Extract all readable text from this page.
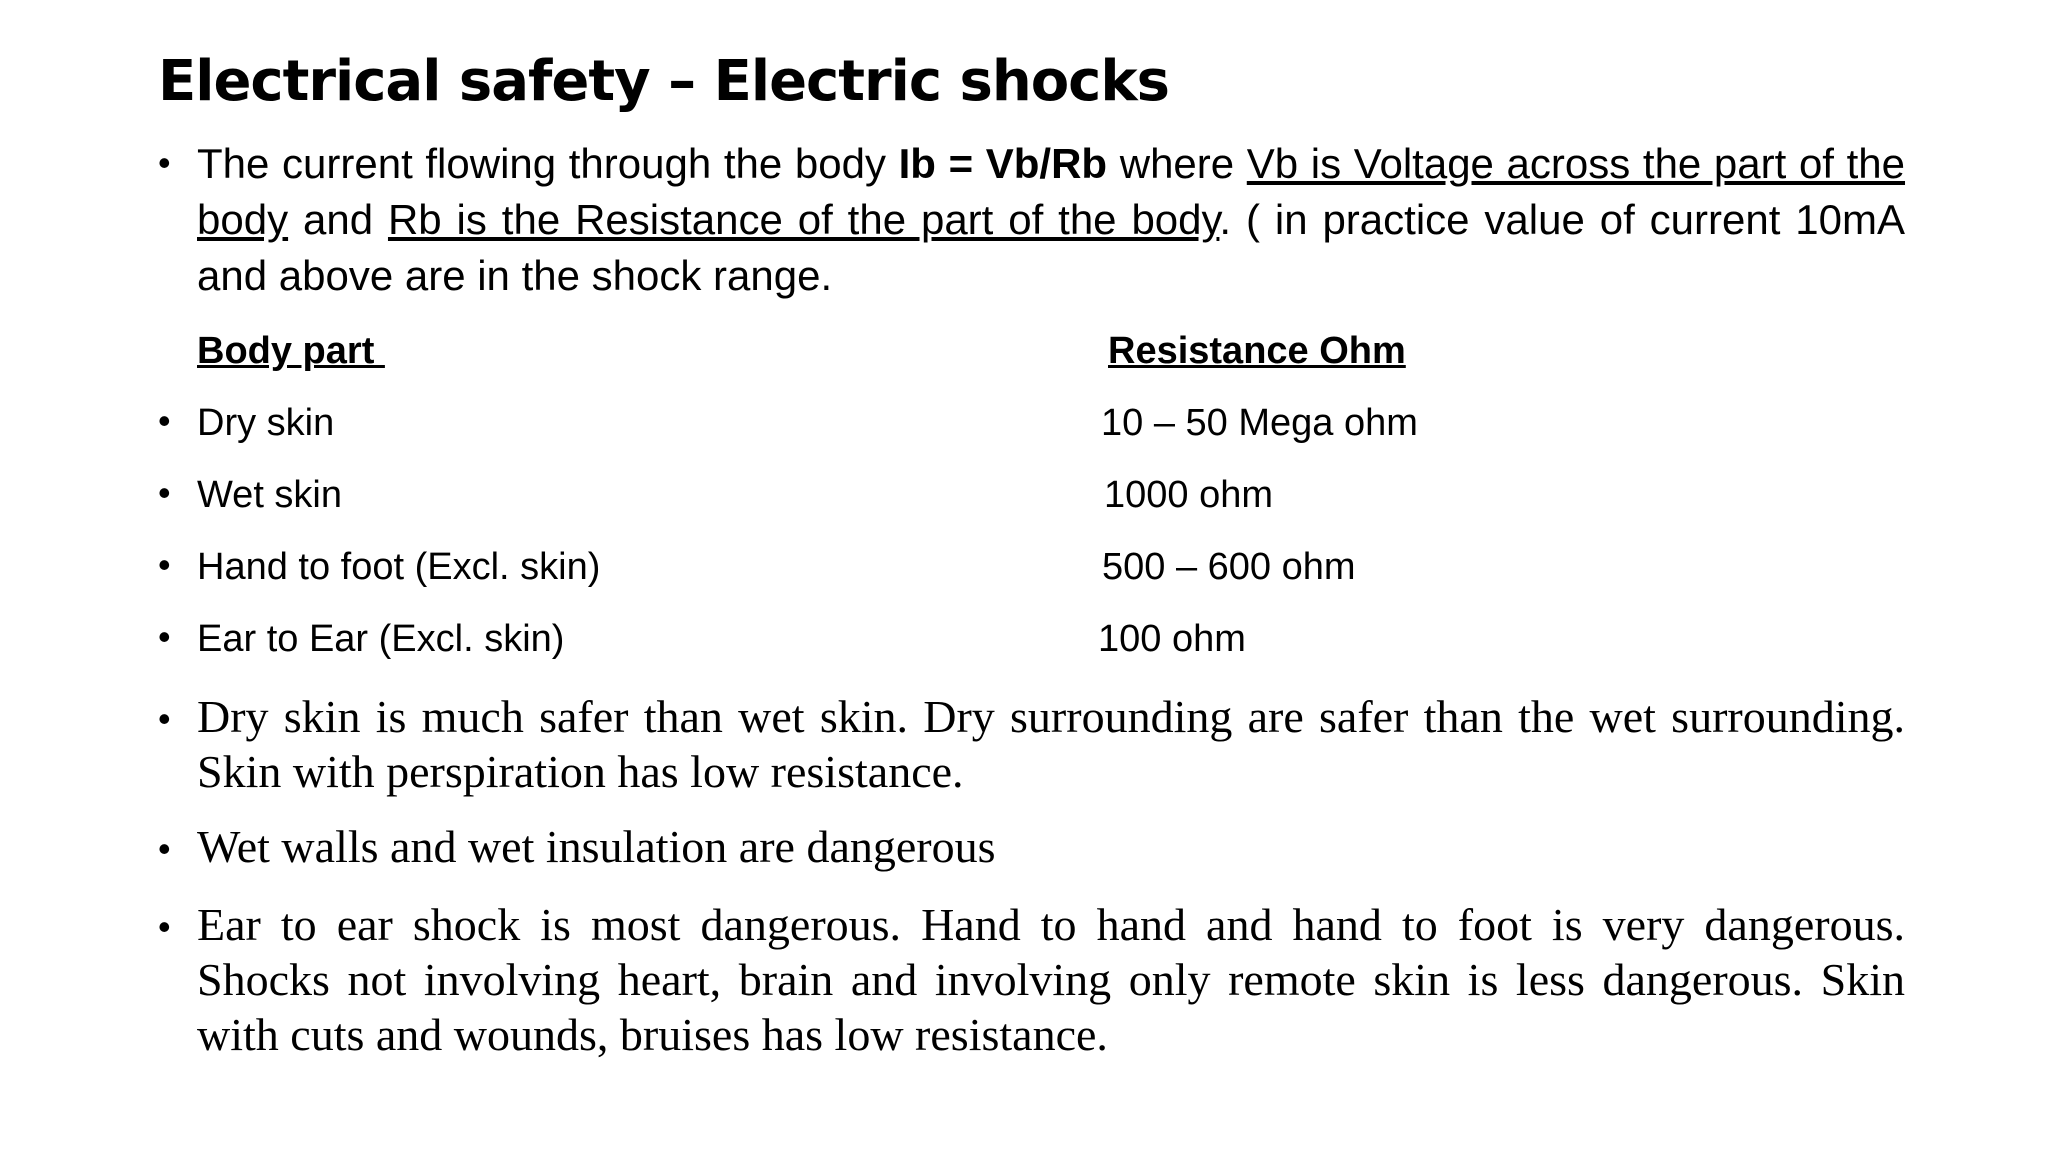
Electrical safety – Electric shocks
• The current flowing through the body Ib = Vb/Rb where Vb is Voltage across the part of the body and Rb is the Resistance of the part of the body. ( in practice value of current 10mA and above are in the shock range.
Body part	Resistance Ohm
• Dry skin	10 – 50 Mega ohm
• Wet skin	1000 ohm
• Hand to foot (Excl. skin)	500 – 600 ohm
• Ear to Ear (Excl. skin)	100 ohm
• Dry skin is much safer than wet skin. Dry surrounding are safer than the wet surrounding. Skin with perspiration has low resistance.
• Wet walls and wet insulation are dangerous
• Ear to ear shock is most dangerous. Hand to hand and hand to foot is very dangerous. Shocks not involving heart, brain and involving only remote skin is less dangerous. Skin with cuts and wounds, bruises has low resistance.
